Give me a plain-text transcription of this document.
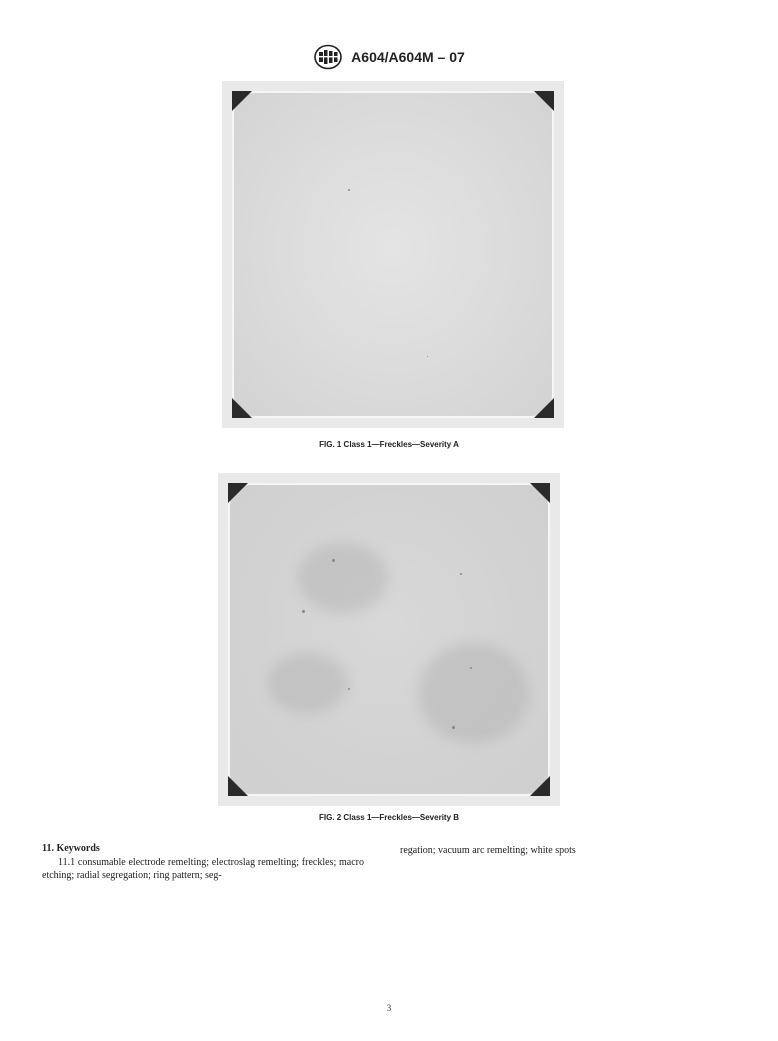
A604/A604M – 07
FIG. 1 Class 1—Freckles—Severity A
FIG. 2 Class 1—Freckles—Severity B
11. Keywords

11.1 consumable electrode remelting; electroslag remelting; freckles; macro etching; radial segregation; ring pattern; seg-

regation; vacuum arc remelting; white spots

3
